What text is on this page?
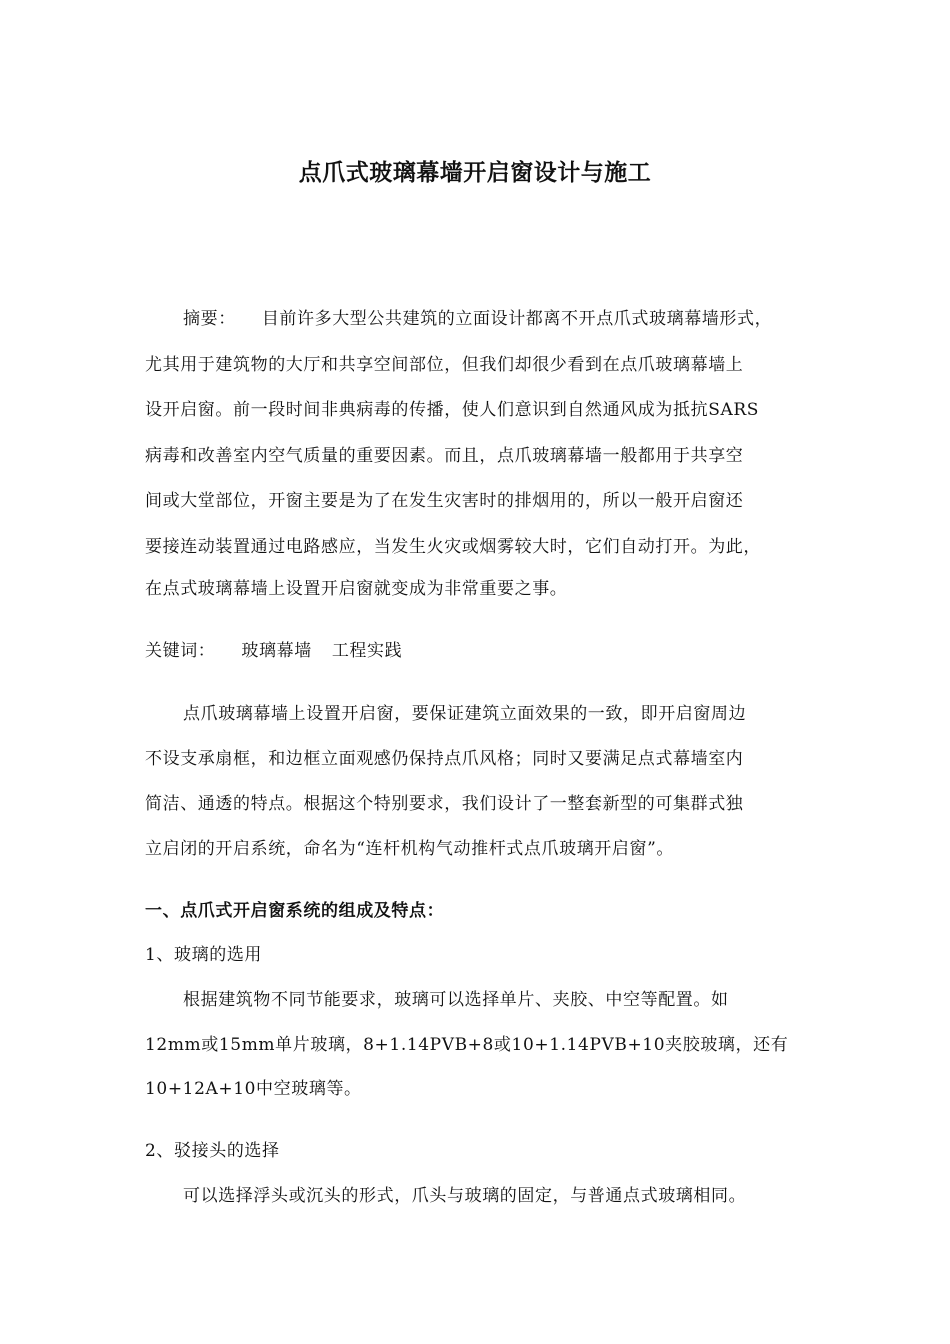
点爪式玻璃幕墙开启窗设计与施工
摘要： 目前许多大型公共建筑的立面设计都离不开点爪式玻璃幕墙形式，
尤其用于建筑物的大厅和共享空间部位，但我们却很少看到在点爪玻璃幕墙上
设开启窗。前一段时间非典病毒的传播，使人们意识到自然通风成为抵抗SARS
病毒和改善室内空气质量的重要因素。而且，点爪玻璃幕墙一般都用于共享空
间或大堂部位，开窗主要是为了在发生灾害时的排烟用的，所以一般开启窗还
要接连动装置通过电路感应，当发生火灾或烟雾较大时，它们自动打开。为此，
在点式玻璃幕墙上设置开启窗就变成为非常重要之事。
关键词： 玻璃幕墙 工程实践
点爪玻璃幕墙上设置开启窗，要保证建筑立面效果的一致，即开启窗周边
不设支承扇框，和边框立面观感仍保持点爪风格；同时又要满足点式幕墙室内
简洁、通透的特点。根据这个特别要求，我们设计了一整套新型的可集群式独
立启闭的开启系统，命名为“连杆机构气动推杆式点爪玻璃开启窗”。
一、点爪式开启窗系统的组成及特点：
1、玻璃的选用
根据建筑物不同节能要求，玻璃可以选择单片、夹胶、中空等配置。如
12mm或15mm单片玻璃，8+1.14PVB+8或10+1.14PVB+10夹胶玻璃，还有
10+12A+10中空玻璃等。
2、驳接头的选择
可以选择浮头或沉头的形式，爪头与玻璃的固定，与普通点式玻璃相同。
